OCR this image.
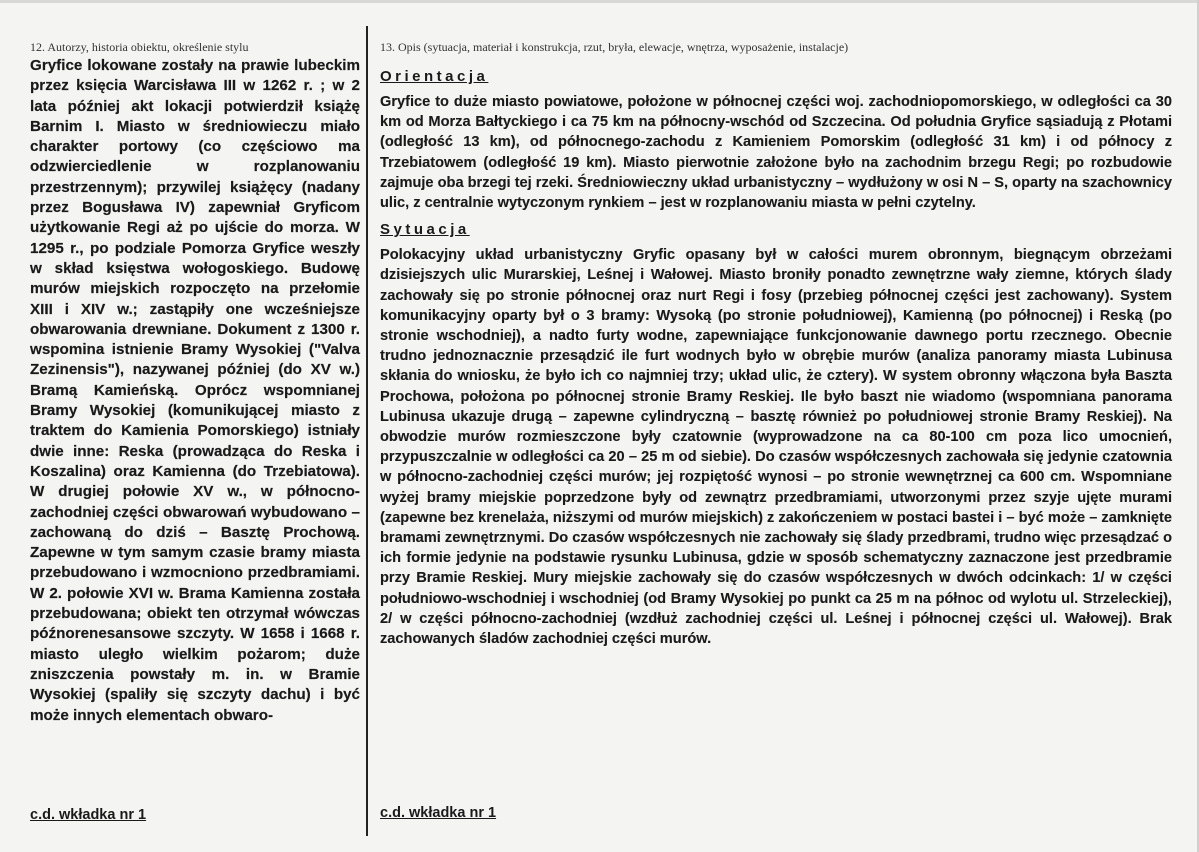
12. Autorzy, historia obiektu, określenie stylu

Gryfice lokowane zostały na prawie lubeckim przez księcia Warcisława III w 1262 r. ; w 2 lata później akt lokacji potwierdził książę Barnim I. Miasto w średniowieczu miało charakter portowy (co częściowo ma odzwierciedlenie w rozplanowaniu przestrzennym); przywilej książęcy (nadany przez Bogusława IV) zapewniał Gryficom użytkowanie Regi aż po ujście do morza. W 1295 r., po podziale Pomorza Gryfice weszły w skład księstwa wołogoskiego. Budowę murów miejskich rozpoczęto na przełomie XIII i XIV w.; zastąpiły one wcześniejsze obwarowania drewniane. Dokument z 1300 r. wspomina istnienie Bramy Wysokiej ("Valva Zezinensis"), nazywanej później (do XV w.) Bramą Kamieńską. Oprócz wspomnianej Bramy Wysokiej (komunikującej miasto z traktem do Kamienia Pomorskiego) istniały dwie inne: Reska (prowadząca do Reska i Koszalina) oraz Kamienna (do Trzebiatowa). W drugiej połowie XV w., w północno-zachodniej części obwarowań wybudowano – zachowaną do dziś – Basztę Prochową. Zapewne w tym samym czasie bramy miasta przebudowano i wzmocniono przedbramiami. W 2. połowie XVI w. Brama Kamienna została przebudowana; obiekt ten otrzymał wówczas późnorenesansowe szczyty. W 1658 i 1668 r. miasto uległo wielkim pożarom; duże zniszczenia powstały m. in. w Bramie Wysokiej (spaliły się szczyty dachu) i być może innych elementach obwaro-

13. Opis (sytuacja, materiał i konstrukcja, rzut, bryła, elewacje, wnętrza, wyposażenie, instalacje)

Orientacja

Gryfice to duże miasto powiatowe, położone w północnej części woj. zachodniopomorskiego, w odległości ca 30 km od Morza Bałtyckiego i ca 75 km na północny-wschód od Szczecina. Od południa Gryfice sąsiadują z Płotami (odległość 13 km), od północnego-zachodu z Kamieniem Pomorskim (odległość 31 km) i od północy z Trzebiatowem (odległość 19 km). Miasto pierwotnie założone było na zachodnim brzegu Regi; po rozbudowie zajmuje oba brzegi tej rzeki. Średniowieczny układ urbanistyczny – wydłużony w osi N – S, oparty na szachownicy ulic, z centralnie wytyczonym rynkiem – jest w rozplanowaniu miasta w pełni czytelny.

Sytuacja

Polokacyjny układ urbanistyczny Gryfic opasany był w całości murem obronnym, biegnącym obrzeżami dzisiejszych ulic Murarskiej, Leśnej i Wałowej. Miasto broniły ponadto zewnętrzne wały ziemne, których ślady zachowały się po stronie północnej oraz nurt Regi i fosy (przebieg północnej części jest zachowany). System komunikacyjny oparty był o 3 bramy: Wysoką (po stronie południowej), Kamienną (po północnej) i Reską (po stronie wschodniej), a nadto furty wodne, zapewniające funkcjonowanie dawnego portu rzecznego. Obecnie trudno jednoznacznie przesądzić ile furt wodnych było w obrębie murów (analiza panoramy miasta Lubinusa skłania do wniosku, że było ich co najmniej trzy; układ ulic, że cztery). W system obronny włączona była Baszta Prochowa, położona po północnej stronie Bramy Reskiej. Ile było baszt nie wiadomo (wspomniana panorama Lubinusa ukazuje drugą – zapewne cylindryczną – basztę również po południowej stronie Bramy Reskiej). Na obwodzie murów rozmieszczone były czatownie (wyprowadzone na ca 80-100 cm poza lico umocnień, przypuszczalnie w odległości ca 20 – 25 m od siebie). Do czasów współczesnych zachowała się jedynie czatownia w północno-zachodniej części murów; jej rozpiętość wynosi – po stronie wewnętrznej ca 600 cm. Wspomniane wyżej bramy miejskie poprzedzone były od zewnątrz przedbramiami, utworzonymi przez szyje ujęte murami (zapewne bez krenelaża, niższymi od murów miejskich) z zakończeniem w postaci bastei i – być może – zamknięte bramami zewnętrznymi. Do czasów współczesnych nie zachowały się ślady przedbrami, trudno więc przesądzać o ich formie jedynie na podstawie rysunku Lubinusa, gdzie w sposób schematyczny zaznaczone jest przedbramie przy Bramie Reskiej. Mury miejskie zachowały się do czasów współczesnych w dwóch odcinkach: 1/ w części południowo-wschodniej i wschodniej (od Bramy Wysokiej po punkt ca 25 m na północ od wylotu ul. Strzeleckiej), 2/ w części północno-zachodniej (wzdłuż zachodniej części ul. Leśnej i północnej części ul. Wałowej). Brak zachowanych śladów zachodniej części murów.

c.d. wkładka nr 1	c.d. wkładka nr 1
